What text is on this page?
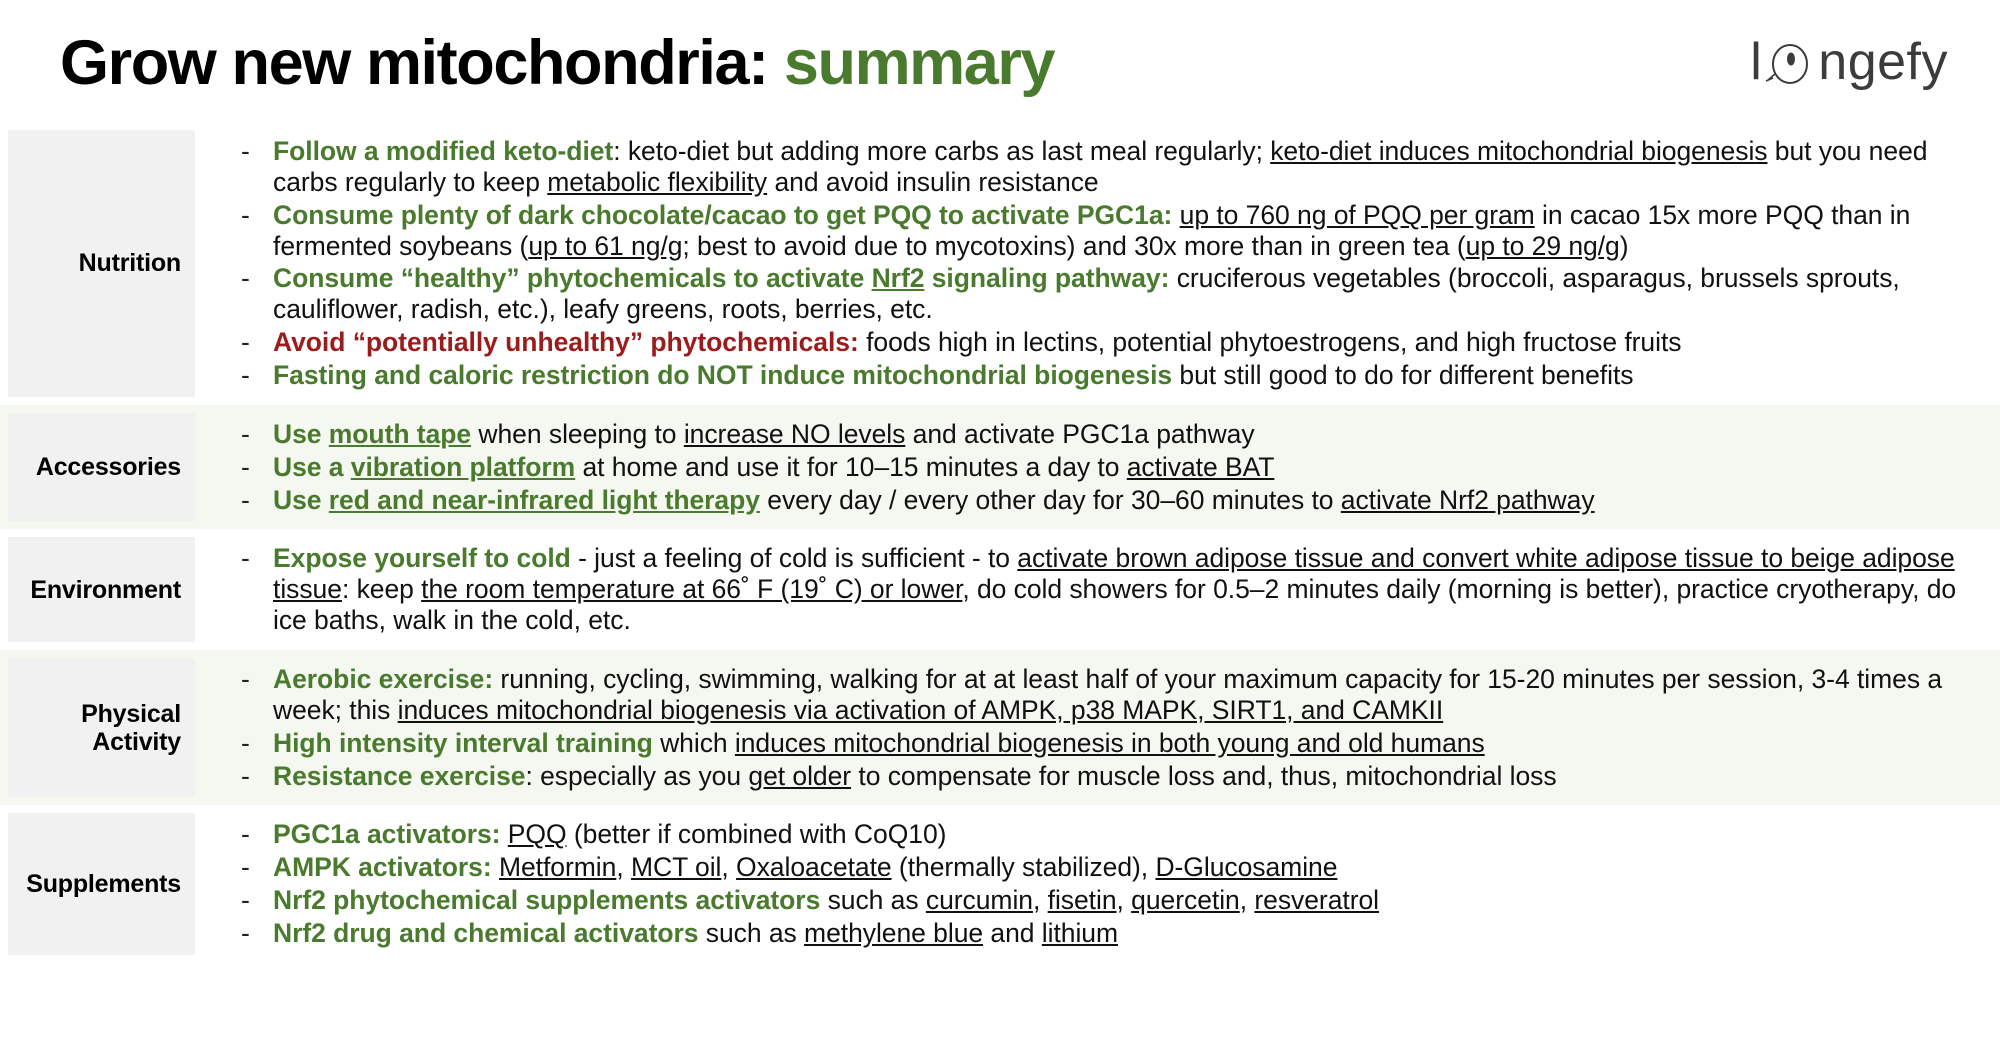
Grow new mitochondria: summary	l ngefy
Nutrition
- Follow a modified keto-diet: keto-diet but adding more carbs as last meal regularly; keto-diet induces mitochondrial biogenesis but you need carbs regularly to keep metabolic flexibility and avoid insulin resistance
- Consume plenty of dark chocolate/cacao to get PQQ to activate PGC1a: up to 760 ng of PQQ per gram in cacao 15x more PQQ than in fermented soybeans (up to 61 ng/g; best to avoid due to mycotoxins) and 30x more than in green tea (up to 29 ng/g)
- Consume “healthy” phytochemicals to activate Nrf2 signaling pathway: cruciferous vegetables (broccoli, asparagus, brussels sprouts, cauliflower, radish, etc.), leafy greens, roots, berries, etc.
- Avoid “potentially unhealthy” phytochemicals: foods high in lectins, potential phytoestrogens, and high fructose fruits
- Fasting and caloric restriction do NOT induce mitochondrial biogenesis but still good to do for different benefits
Accessories
- Use mouth tape when sleeping to increase NO levels and activate PGC1a pathway
- Use a vibration platform at home and use it for 10–15 minutes a day to activate BAT
- Use red and near-infrared light therapy every day / every other day for 30–60 minutes to activate Nrf2 pathway
Environment
- Expose yourself to cold - just a feeling of cold is sufficient - to activate brown adipose tissue and convert white adipose tissue to beige adipose tissue: keep the room temperature at 66˚ F (19˚ C) or lower, do cold showers for 0.5–2 minutes daily (morning is better), practice cryotherapy, do ice baths, walk in the cold, etc.
Physical Activity
- Aerobic exercise: running, cycling, swimming, walking for at at least half of your maximum capacity for 15-20 minutes per session, 3-4 times a week; this induces mitochondrial biogenesis via activation of AMPK, p38 MAPK, SIRT1, and CAMKII
- High intensity interval training which induces mitochondrial biogenesis in both young and old humans
- Resistance exercise: especially as you get older to compensate for muscle loss and, thus, mitochondrial loss
Supplements
- PGC1a activators: PQQ (better if combined with CoQ10)
- AMPK activators: Metformin, MCT oil, Oxaloacetate (thermally stabilized), D-Glucosamine
- Nrf2 phytochemical supplements activators such as curcumin, fisetin, quercetin, resveratrol
- Nrf2 drug and chemical activators such as methylene blue and lithium
